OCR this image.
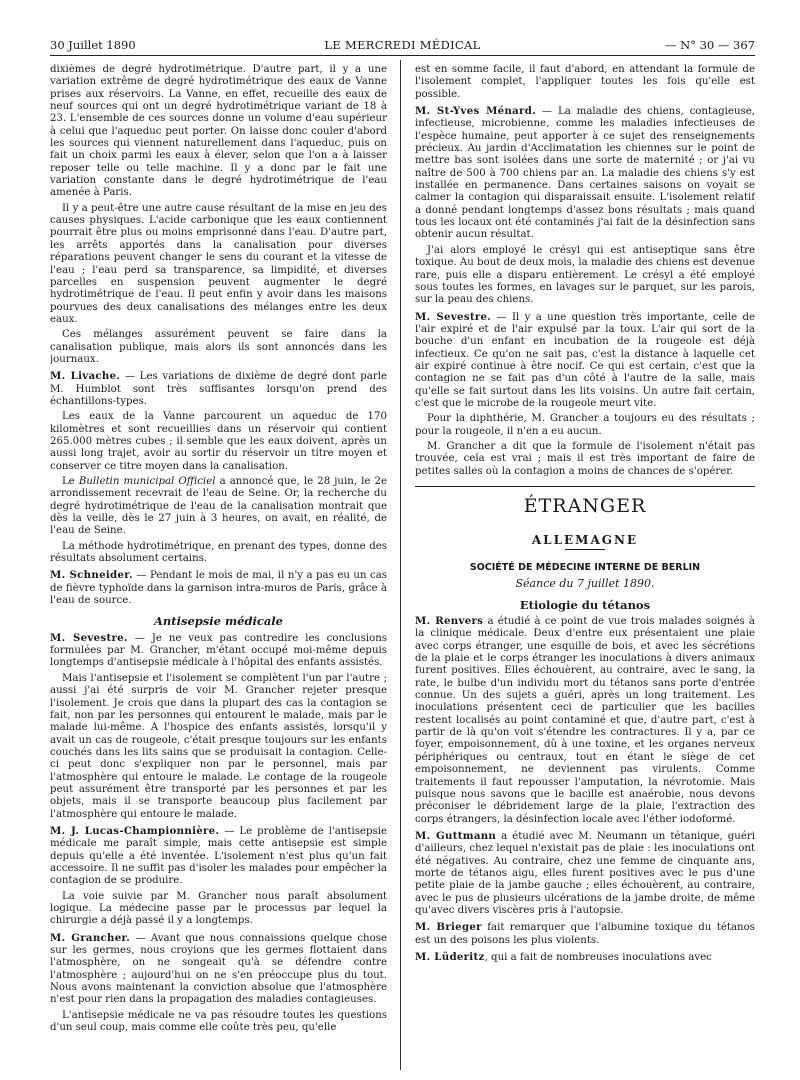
30 Juillet 1890	LE MERCREDI MÉDICAL	— N° 30 — 367

dixièmes de degré hydrotimétrique. D'autre part, il y a une variation extrême de degré hydrotimétrique des eaux de Vanne prises aux réservoirs. La Vanne, en effet, recueille des eaux de neuf sources qui ont un degré hydrotimétrique variant de 18 à 23. L'ensemble de ces sources donne un volume d'eau supérieur à celui que l'aqueduc peut porter. On laisse donc couler d'abord les sources qui viennent naturellement dans l'aqueduc, puis on fait un choix parmi les eaux à élever, selon que l'on a à laisser reposer telle ou telle machine. Il y a donc par le fait une variation constante dans le degré hydrotimétrique de l'eau amenée à Paris.

Il y a peut-être une autre cause résultant de la mise en jeu des causes physiques. L'acide carbonique que les eaux contiennent pourrait être plus ou moins emprisonné dans l'eau. D'autre part, les arrêts apportés dans la canalisation pour diverses réparations peuvent changer le sens du courant et la vitesse de l'eau ; l'eau perd sa transparence, sa limpidité, et diverses parcelles en suspension peuvent augmenter le degré hydrotimétrique de l'eau. Il peut enfin y avoir dans les maisons pourvues des deux canalisations des mélanges entre les deux eaux.

Ces mélanges assurément peuvent se faire dans la canalisation publique, mais alors ils sont annoncés dans les journaux.

M. Livache. — Les variations de dixième de degré dont parle M. Humblot sont très suffisantes lorsqu'on prend des échantillons-types.

Les eaux de la Vanne parcourent un aqueduc de 170 kilomètres et sont recueillies dans un réservoir qui contient 265.000 mètres cubes ; il semble que les eaux doivent, après un aussi long trajet, avoir au sortir du réservoir un titre moyen et conserver ce titre moyen dans la canalisation.

Le Bulletin municipal Officiel a annoncé que, le 28 juin, le 2e arrondissement recevrait de l'eau de Seine. Or, la recherche du degré hydrotimétrique de l'eau de la canalisation montrait que dès la veille, dès le 27 juin à 3 heures, on avait, en réalité, de l'eau de Seine.

La méthode hydrotimétrique, en prenant des types, donne des résultats absolument certains.

M. Schneider. — Pendant le mois de mai, il n'y a pas eu un cas de fièvre typhoïde dans la garnison intra-muros de Paris, grâce à l'eau de source.

Antisepsie médicale

M. Sevestre. — Je ne veux pas contredire les conclusions formulées par M. Grancher, m'étant occupé moi-même depuis longtemps d'antisepsie médicale à l'hôpital des enfants assistés.

Mais l'antisepsie et l'isolement se complètent l'un par l'autre ; aussi j'ai été surpris de voir M. Grancher rejeter presque l'isolement. Je crois que dans la plupart des cas la contagion se fait, non par les personnes qui entourent le malade, mais par le malade lui-même. A l'hospice des enfants assistés, lorsqu'il y avait un cas de rougeole, c'était presque toujours sur les enfants couchés dans les lits sains que se produisait la contagion. Celle-ci peut donc s'expliquer non par le personnel, mais par l'atmosphère qui entoure le malade. Le contage de la rougeole peut assurément être transporté par les personnes et par les objets, mais il se transporte beaucoup plus facilement par l'atmosphère qui entoure le malade.

M. J. Lucas-Championnière. — Le problème de l'antisepsie médicale me paraît simple, mais cette antisepsie est simple depuis qu'elle a été inventée. L'isolement n'est plus qu'un fait accessoire. Il ne suffit pas d'isoler les malades pour empêcher la contagion de se produire.

La voie suivie par M. Grancher nous paraît absolument logique. La médecine passe par le processus par lequel la chirurgie a déjà passé il y a longtemps.

M. Grancher. — Avant que nous connaissions quelque chose sur les germes, nous croyions que les germes flottaient dans l'atmosphère, on ne songeait qu'à se défendre contre l'atmosphère ; aujourd'hui on ne s'en préoccupe plus du tout. Nous avons maintenant la conviction absolue que l'atmosphère n'est pour rien dans la propagation des maladies contagieuses.

L'antisepsie médicale ne va pas résoudre toutes les questions d'un seul coup, mais comme elle coûte très peu, qu'elle

est en somme facile, il faut d'abord, en attendant la formule de l'isolement complet, l'appliquer toutes les fois qu'elle est possible.

M. St-Yves Ménard. — La maladie des chiens, contagieuse, infectieuse, microbienne, comme les maladies infectieuses de l'espèce humaine, peut apporter à ce sujet des renseignements précieux. Au jardin d'Acclimatation les chiennes sur le point de mettre bas sont isolées dans une sorte de maternité ; or j'ai vu naître de 500 à 700 chiens par an. La maladie des chiens s'y est installée en permanence. Dans certaines saisons on voyait se calmer la contagion qui disparaissait ensuite. L'isolement relatif a donné pendant longtemps d'assez bons résultats ; mais quand tous les locaux ont été contaminés j'ai fait de la désinfection sans obtenir aucun résultat.

J'ai alors employé le crésyl qui est antiseptique sans être toxique. Au bout de deux mois, la maladie des chiens est devenue rare, puis elle a disparu entièrement. Le crésyl a été employé sous toutes les formes, en lavages sur le parquet, sur les parois, sur la peau des chiens.

M. Sevestre. — Il y a une question très importante, celle de l'air expiré et de l'air expulsé par la toux. L'air qui sort de la bouche d'un enfant en incubation de la rougeole est déjà infectieux. Ce qu'on ne sait pas, c'est la distance à laquelle cet air expiré continue à être nocif. Ce qui est certain, c'est que la contagion ne se fait pas d'un côté à l'autre de la salle, mais qu'elle se fait surtout dans les lits voisins. Un autre fait certain, c'est que le microbe de la rougeole meurt vite.

Pour la diphthérie, M. Grancher a toujours eu des résultats ; pour la rougeole, il n'en a eu aucun.

M. Grancher a dit que la formule de l'isolement n'était pas trouvée, cela est vrai ; mais il est très important de faire de petites salles où la contagion a moins de chances de s'opérer.

ÉTRANGER
ALLEMAGNE
SOCIÉTÉ DE MÉDECINE INTERNE DE BERLIN
Séance du 7 juillet 1890.
Etiologie du tétanos

M. Renvers a étudié à ce point de vue trois malades soignés à la clinique médicale. Deux d'entre eux présentaient une plaie avec corps étranger, une esquille de bois, et avec les sécrétions de la plaie et le corps étranger les inoculations à divers animaux furent positives. Elles échouèrent, au contraire, avec le sang, la rate, le bulbe d'un individu mort du tétanos sans porte d'entrée connue. Un des sujets a guéri, après un long traitement. Les inoculations présentent ceci de particulier que les bacilles restent localisés au point contaminé et que, d'autre part, c'est à partir de là qu'on voit s'étendre les contractures. Il y a, par ce foyer, empoisonnement, dû à une toxine, et les organes nerveux périphériques ou centraux, tout en étant le siège de cet empoisonnement, ne deviennent pas virulents. Comme traitements il faut repousser l'amputation, la névrotomie. Mais puisque nous savons que le bacille est anaérobie, nous devons préconiser le débridement large de la plaie, l'extraction des corps étrangers, la désinfection locale avec l'éther iodoformé.

M. Guttmann a étudié avec M. Neumann un tétanique, guéri d'ailleurs, chez lequel n'existait pas de plaie : les inoculations ont été négatives. Au contraire, chez une femme de cinquante ans, morte de tétanos aigu, elles furent positives avec le pus d'une petite plaie de la jambe gauche ; elles échouèrent, au contraire, avec le pus de plusieurs ulcérations de la jambe droite, de même qu'avec divers viscères pris à l'autopsie.

M. Brieger fait remarquer que l'albumine toxique du tétanos est un des poisons les plus violents.

M. Lüderitz, qui a fait de nombreuses inoculations avec
